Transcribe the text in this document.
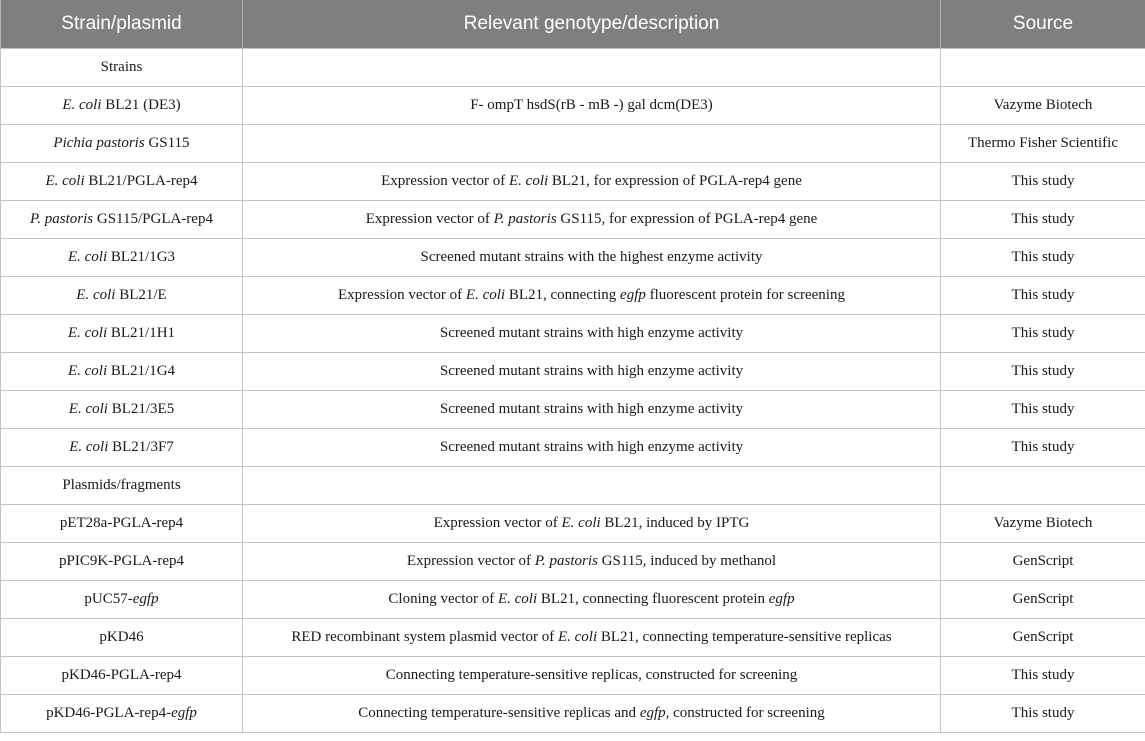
Strain/plasmid	Relevant genotype/description	Source
Strains		
E. coli BL21 (DE3)	F- ompT hsdS(rB - mB -) gal dcm(DE3)	Vazyme Biotech
Pichia pastoris GS115		Thermo Fisher Scientific
E. coli BL21/PGLA-rep4	Expression vector of E. coli BL21, for expression of PGLA-rep4 gene	This study
P. pastoris GS115/PGLA-rep4	Expression vector of P. pastoris GS115, for expression of PGLA-rep4 gene	This study
E. coli BL21/1G3	Screened mutant strains with the highest enzyme activity	This study
E. coli BL21/E	Expression vector of E. coli BL21, connecting egfp fluorescent protein for screening	This study
E. coli BL21/1H1	Screened mutant strains with high enzyme activity	This study
E. coli BL21/1G4	Screened mutant strains with high enzyme activity	This study
E. coli BL21/3E5	Screened mutant strains with high enzyme activity	This study
E. coli BL21/3F7	Screened mutant strains with high enzyme activity	This study
Plasmids/fragments		
pET28a-PGLA-rep4	Expression vector of E. coli BL21, induced by IPTG	Vazyme Biotech
pPIC9K-PGLA-rep4	Expression vector of P. pastoris GS115, induced by methanol	GenScript
pUC57-egfp	Cloning vector of E. coli BL21, connecting fluorescent protein egfp	GenScript
pKD46	RED recombinant system plasmid vector of E. coli BL21, connecting temperature-sensitive replicas	GenScript
pKD46-PGLA-rep4	Connecting temperature-sensitive replicas, constructed for screening	This study
pKD46-PGLA-rep4-egfp	Connecting temperature-sensitive replicas and egfp, constructed for screening	This study
